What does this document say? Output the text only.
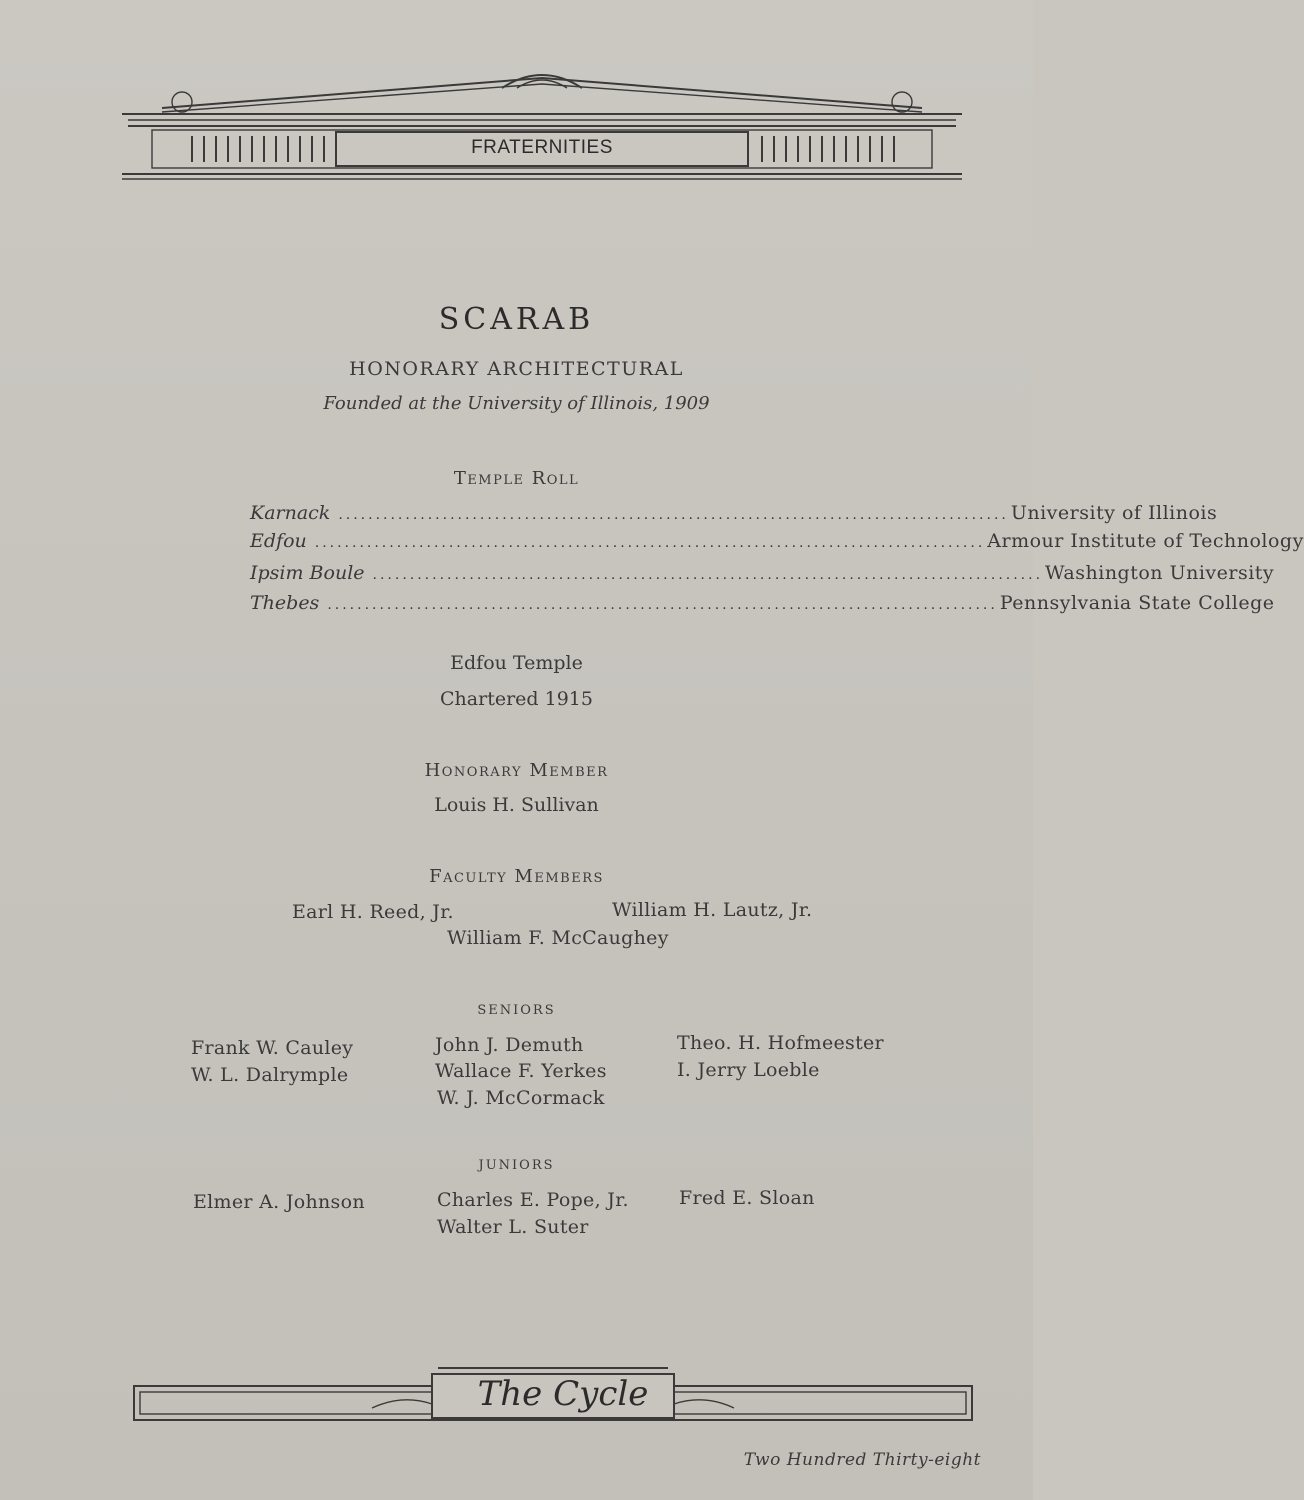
FRATERNITIES
SCARAB
HONORARY ARCHITECTURAL
Founded at the University of Illinois, 1909
Temple Roll
Karnack .......................................................................................... University of Illinois
Edfou .......................................................................................... Armour Institute of Technology
Ipsim Boule .......................................................................................... Washington University
Thebes .......................................................................................... Pennsylvania State College
Edfou Temple
Chartered 1915
Honorary Member
Louis H. Sullivan
Faculty Members
Earl H. Reed, Jr.	William H. Lautz, Jr.
William F. McCaughey
SENIORS
Frank W. Cauley
W. L. Dalrymple
John J. Demuth
Wallace F. Yerkes
W. J. McCormack
Theo. H. Hofmeester
I. Jerry Loeble
JUNIORS
Elmer A. Johnson	Charles E. Pope, Jr.
Walter L. Suter
Fred E. Sloan
The Cycle
Two Hundred Thirty-eight
